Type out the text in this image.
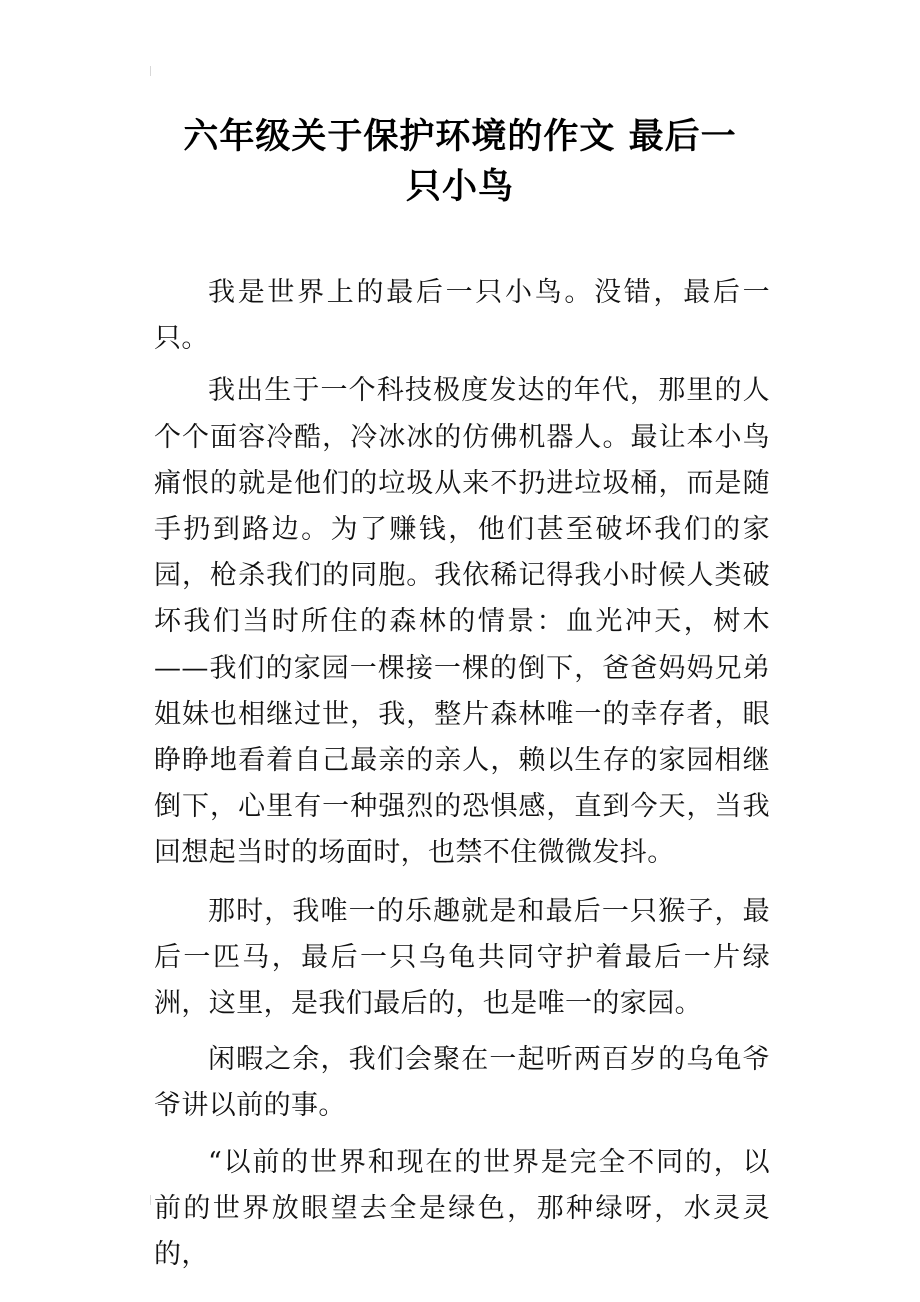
六年级关于保护环境的作文 最后一
只小鸟

我是世界上的最后一只小鸟。没错，最后一只。

我出生于一个科技极度发达的年代，那里的人个个面容冷酷，冷冰冰的仿佛机器人。最让本小鸟痛恨的就是他们的垃圾从来不扔进垃圾桶，而是随手扔到路边。为了赚钱，他们甚至破坏我们的家园，枪杀我们的同胞。我依稀记得我小时候人类破坏我们当时所住的森林的情景：血光冲天，树木——我们的家园一棵接一棵的倒下，爸爸妈妈兄弟姐妹也相继过世，我，整片森林唯一的幸存者，眼睁睁地看着自己最亲的亲人，赖以生存的家园相继倒下，心里有一种强烈的恐惧感，直到今天，当我回想起当时的场面时，也禁不住微微发抖。

那时，我唯一的乐趣就是和最后一只猴子，最后一匹马，最后一只乌龟共同守护着最后一片绿洲，这里，是我们最后的，也是唯一的家园。

闲暇之余，我们会聚在一起听两百岁的乌龟爷爷讲以前的事。

“以前的世界和现在的世界是完全不同的，以前的世界放眼望去全是绿色，那种绿呀，水灵灵的，
